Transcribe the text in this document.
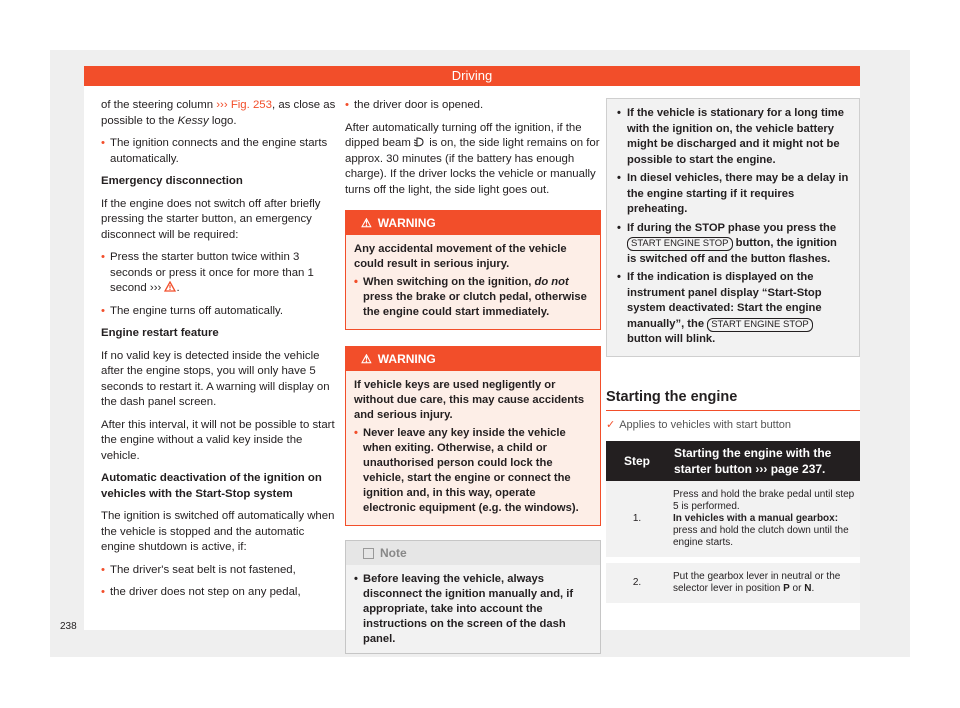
Driving

of the steering column ››› Fig. 253, as close as possible to the Kessy logo.

• The ignition connects and the engine starts automatically.

Emergency disconnection

If the engine does not switch off after briefly pressing the starter button, an emergency disconnect will be required:

• Press the starter button twice within 3 seconds or press it once for more than 1 second ››› .

• The engine turns off automatically.

Engine restart feature

If no valid key is detected inside the vehicle after the engine stops, you will only have 5 seconds to restart it. A warning will display on the dash panel screen.

After this interval, it will not be possible to start the engine without a valid key inside the vehicle.

Automatic deactivation of the ignition on vehicles with the Start-Stop system

The ignition is switched off automatically when the vehicle is stopped and the automatic engine shutdown is active, if:

• The driver's seat belt is not fastened,

• the driver does not step on any pedal,

• the driver door is opened.

After automatically turning off the ignition, if the dipped beam is on, the side light remains on for approx. 30 minutes (if the battery has enough charge). If the driver locks the vehicle or manually turns off the light, the side light goes out.

⚠ WARNING

Any accidental movement of the vehicle could result in serious injury.

• • When switching on the ignition, do not press the brake or clutch pedal, otherwise the engine could start immediately.

⚠ WARNING

If vehicle keys are used negligently or without due care, this may cause accidents and serious injury.

• Never leave any key inside the vehicle when exiting. Otherwise, a child or unauthorised person could lock the vehicle, start the engine or connect the ignition and, in this way, operate electronic equipment (e.g. the windows).

Note

• Before leaving the vehicle, always disconnect the ignition manually and, if appropriate, take into account the instructions on the screen of the dash panel.

• If the vehicle is stationary for a long time with the ignition on, the vehicle battery might be discharged and it might not be possible to start the engine.

• In diesel vehicles, there may be a delay in the engine starting if it requires preheating.

• If during the STOP phase you press the START ENGINE STOP button, the ignition is switched off and the button flashes.

• If the indication is displayed on the instrument panel display “Start-Stop system deactivated: Start the engine manually”, the START ENGINE STOP button will blink.

Starting the engine

✓ Applies to vehicles with start button

Step	Starting the engine with the starter button ››› page 237.
1.	Press and hold the brake pedal until step 5 is performed.
In vehicles with a manual gearbox:
press and hold the clutch down until the engine starts.

2.	Put the gearbox lever in neutral or the selector lever in position P or N.
238
